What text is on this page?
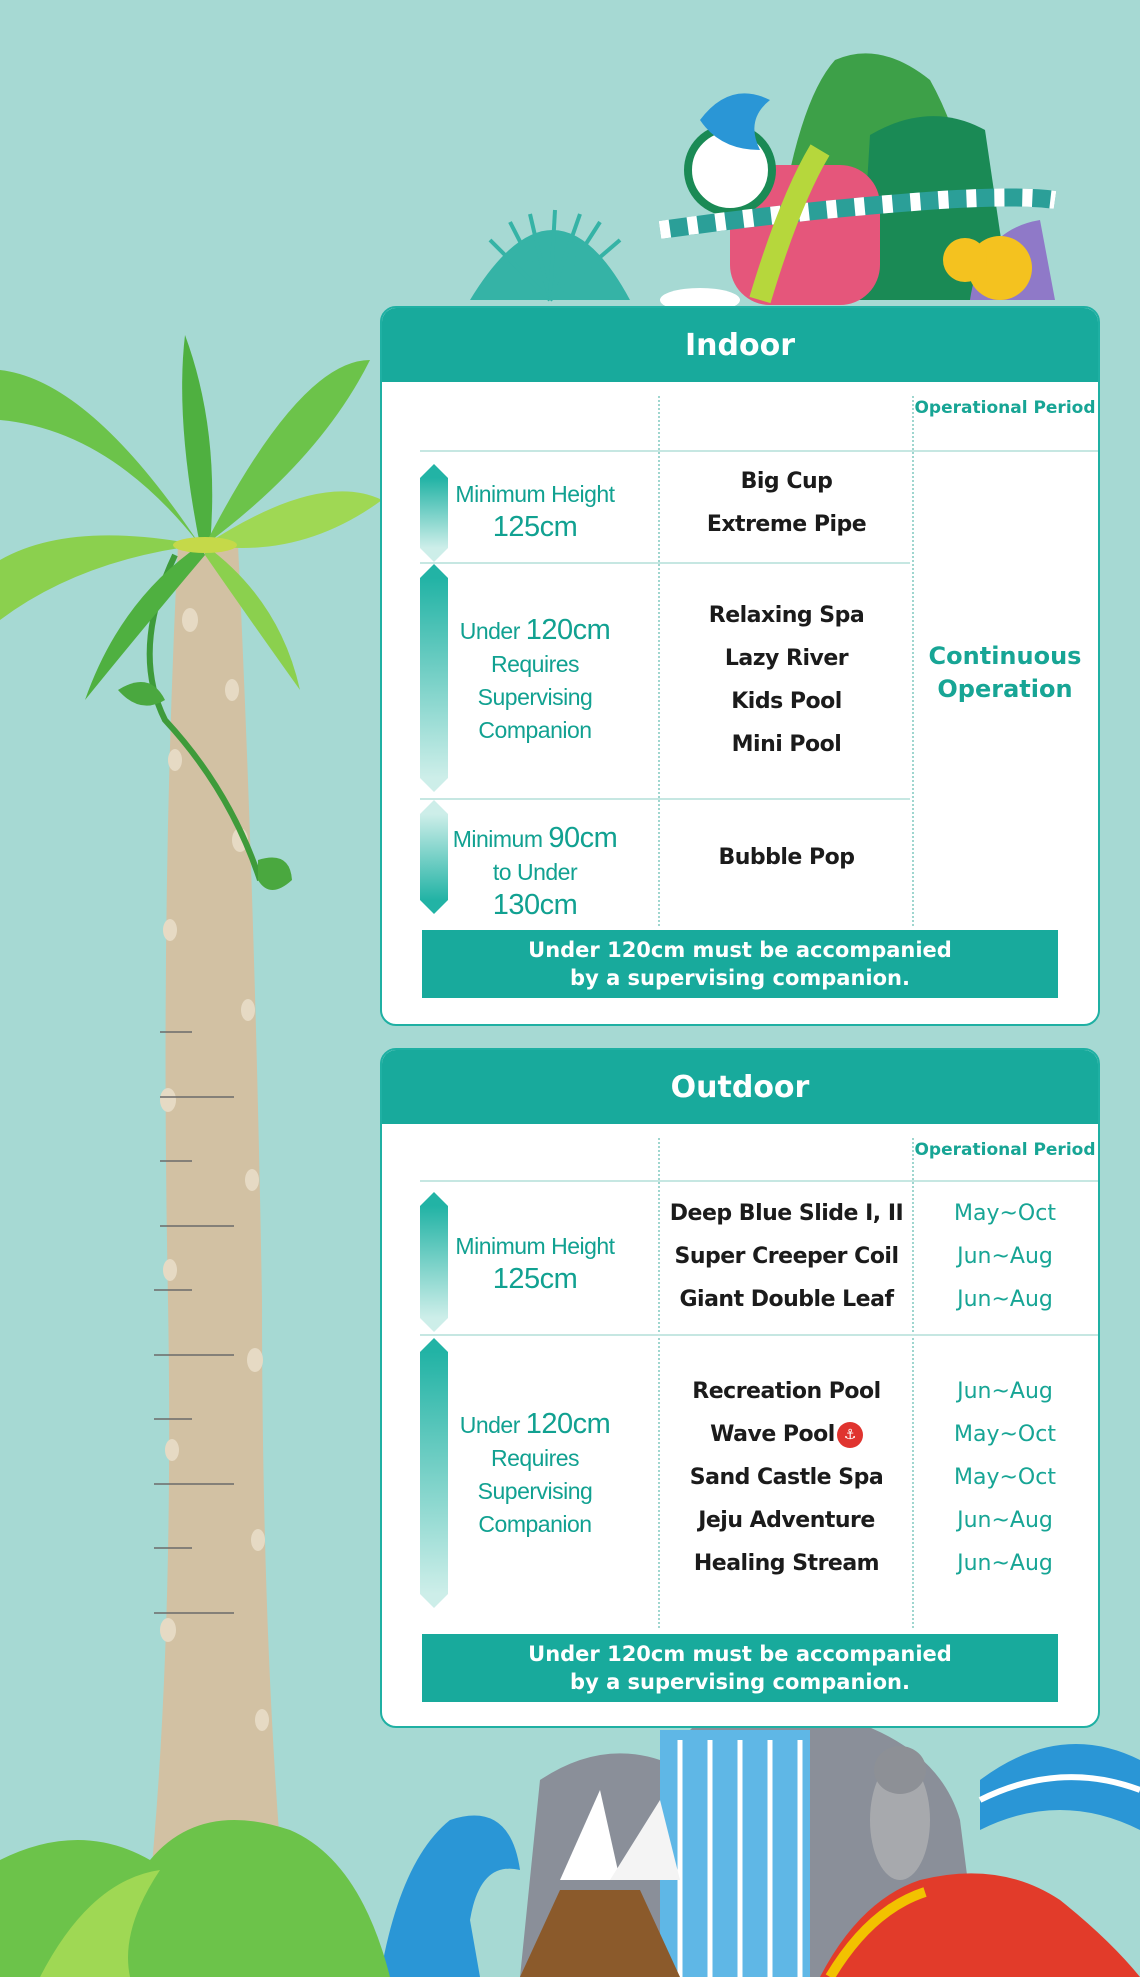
Indoor
Operational Period
Minimum Height
125cm
Big Cup
Extreme Pipe
Under 120cm
Requires Supervising Companion
Relaxing Spa
Lazy River
Kids Pool
Mini Pool
Minimum 90cm
to Under 130cm
Bubble Pop
Continuous Operation
Under 120cm must be accompanied
by a supervising companion.
Outdoor
Operational Period
Minimum Height
125cm
Deep Blue Slide I, II
Super Creeper Coil
Giant Double Leaf
May~Oct
Jun~Aug
Jun~Aug
Under 120cm
Requires Supervising Companion
Recreation Pool
Wave Pool ⚓
Sand Castle Spa
Jeju Adventure
Healing Stream
Jun~Aug
May~Oct
May~Oct
Jun~Aug
Jun~Aug
Under 120cm must be accompanied
by a supervising companion.
